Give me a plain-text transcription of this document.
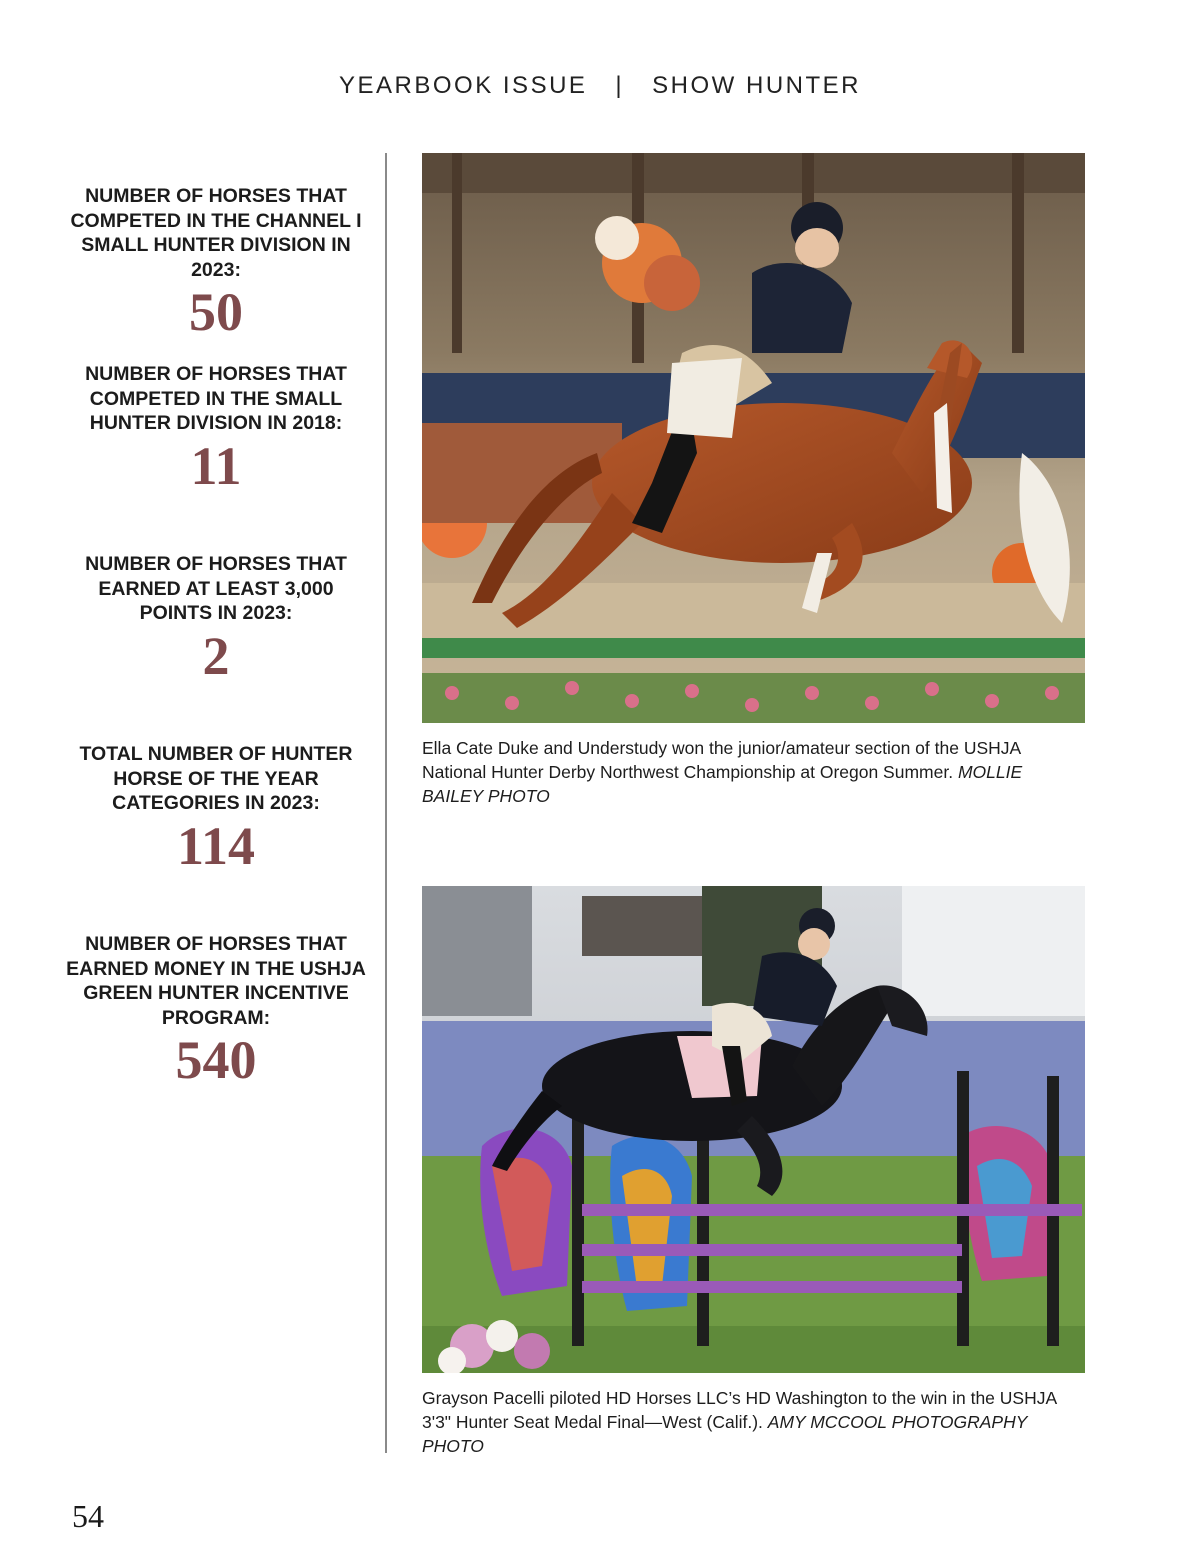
YEARBOOK ISSUE | SHOW HUNTER
NUMBER OF HORSES THAT COMPETED IN THE CHANNEL I SMALL HUNTER DIVISION IN 2023:
50
NUMBER OF HORSES THAT COMPETED IN THE SMALL HUNTER DIVISION IN 2018:
11
NUMBER OF HORSES THAT EARNED AT LEAST 3,000 POINTS IN 2023:
2
TOTAL NUMBER OF HUNTER HORSE OF THE YEAR CATEGORIES IN 2023:
114
NUMBER OF HORSES THAT EARNED MONEY IN THE USHJA GREEN HUNTER INCENTIVE PROGRAM:
540
Ella Cate Duke and Understudy won the junior/amateur section of the USHJA National Hunter Derby Northwest Championship at Oregon Summer. MOLLIE BAILEY PHOTO
Grayson Pacelli piloted HD Horses LLC’s HD Washington to the win in the USHJA 3'3" Hunter Seat Medal Final—West (Calif.). AMY MCCOOL PHOTOGRAPHY PHOTO
54
